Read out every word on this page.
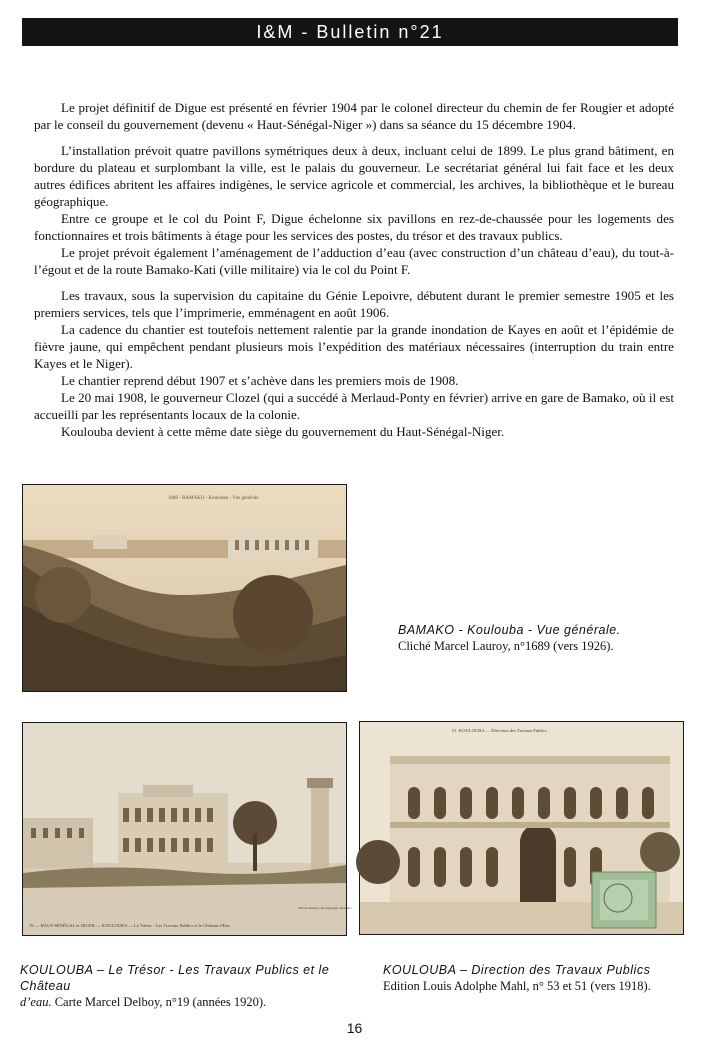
I&M - Bulletin n°21

Le projet définitif de Digue est présenté en février 1904 par le colonel directeur du chemin de fer Rougier et adopté par le conseil du gouvernement (devenu « Haut-Sénégal-Niger ») dans sa séance du 15 décembre 1904.

L’installation prévoit quatre pavillons symétriques deux à deux, incluant celui de 1899. Le plus grand bâtiment, en bordure du plateau et surplombant la ville, est le palais du gouverneur. Le secrétariat général lui fait face et les deux autres édifices abritent les affaires indigènes, le service agricole et commercial, les archives, la bibliothèque et le bureau géographique.

Entre ce groupe et le col du Point F, Digue échelonne six pavillons en rez-de-chaussée pour les logements des fonctionnaires et trois bâtiments à étage pour les services des postes, du trésor et des travaux publics.

Le projet prévoit également l’aménagement de l’adduction d’eau (avec construction d’un château d’eau), du tout-à-l’égout et de la route Bamako-Kati (ville militaire) via le col du Point F.

Les travaux, sous la supervision du capitaine du Génie Lepoivre, débutent durant le premier semestre 1905 et les premiers services, tels que l’imprimerie, emménagent en août 1906.

La cadence du chantier est toutefois nettement ralentie par la grande inondation de Kayes en août et l’épidémie de fièvre jaune, qui empêchent pendant plusieurs mois l’expédition des matériaux nécessaires (interruption du train entre Kayes et le Niger).

Le chantier reprend début 1907 et s’achève dans les premiers mois de 1908.

Le 20 mai 1908, le gouverneur Clozel (qui a succédé à Merlaud-Ponty en février) arrive en gare de Bamako, où il est accueilli par les représentants locaux de la colonie.

Koulouba devient à cette même date siège du gouvernement du Haut-Sénégal-Niger.

1689 - BAMAKO - Koulouba - Vue générale
BAMAKO - Koulouba - Vue générale.
Cliché Marcel Lauroy, n°1689 (vers 1926).
19 — HAUT-SÉNÉGAL et NIGER — KOULOUBA — Le Trésor - Les Travaux Publics et le Château d'Eau
Marcel Delboy, photographe, Bamako
KOULOUBA – Le Trésor - Les Travaux Publics et le Château
d’eau. Carte Marcel Delboy, n°19 (années 1920).
51. KOULOUBA — Direction des Travaux Publics
KOULOUBA – Direction des Travaux Publics
Edition Louis Adolphe Mahl, n° 53 et 51 (vers 1918).
16
